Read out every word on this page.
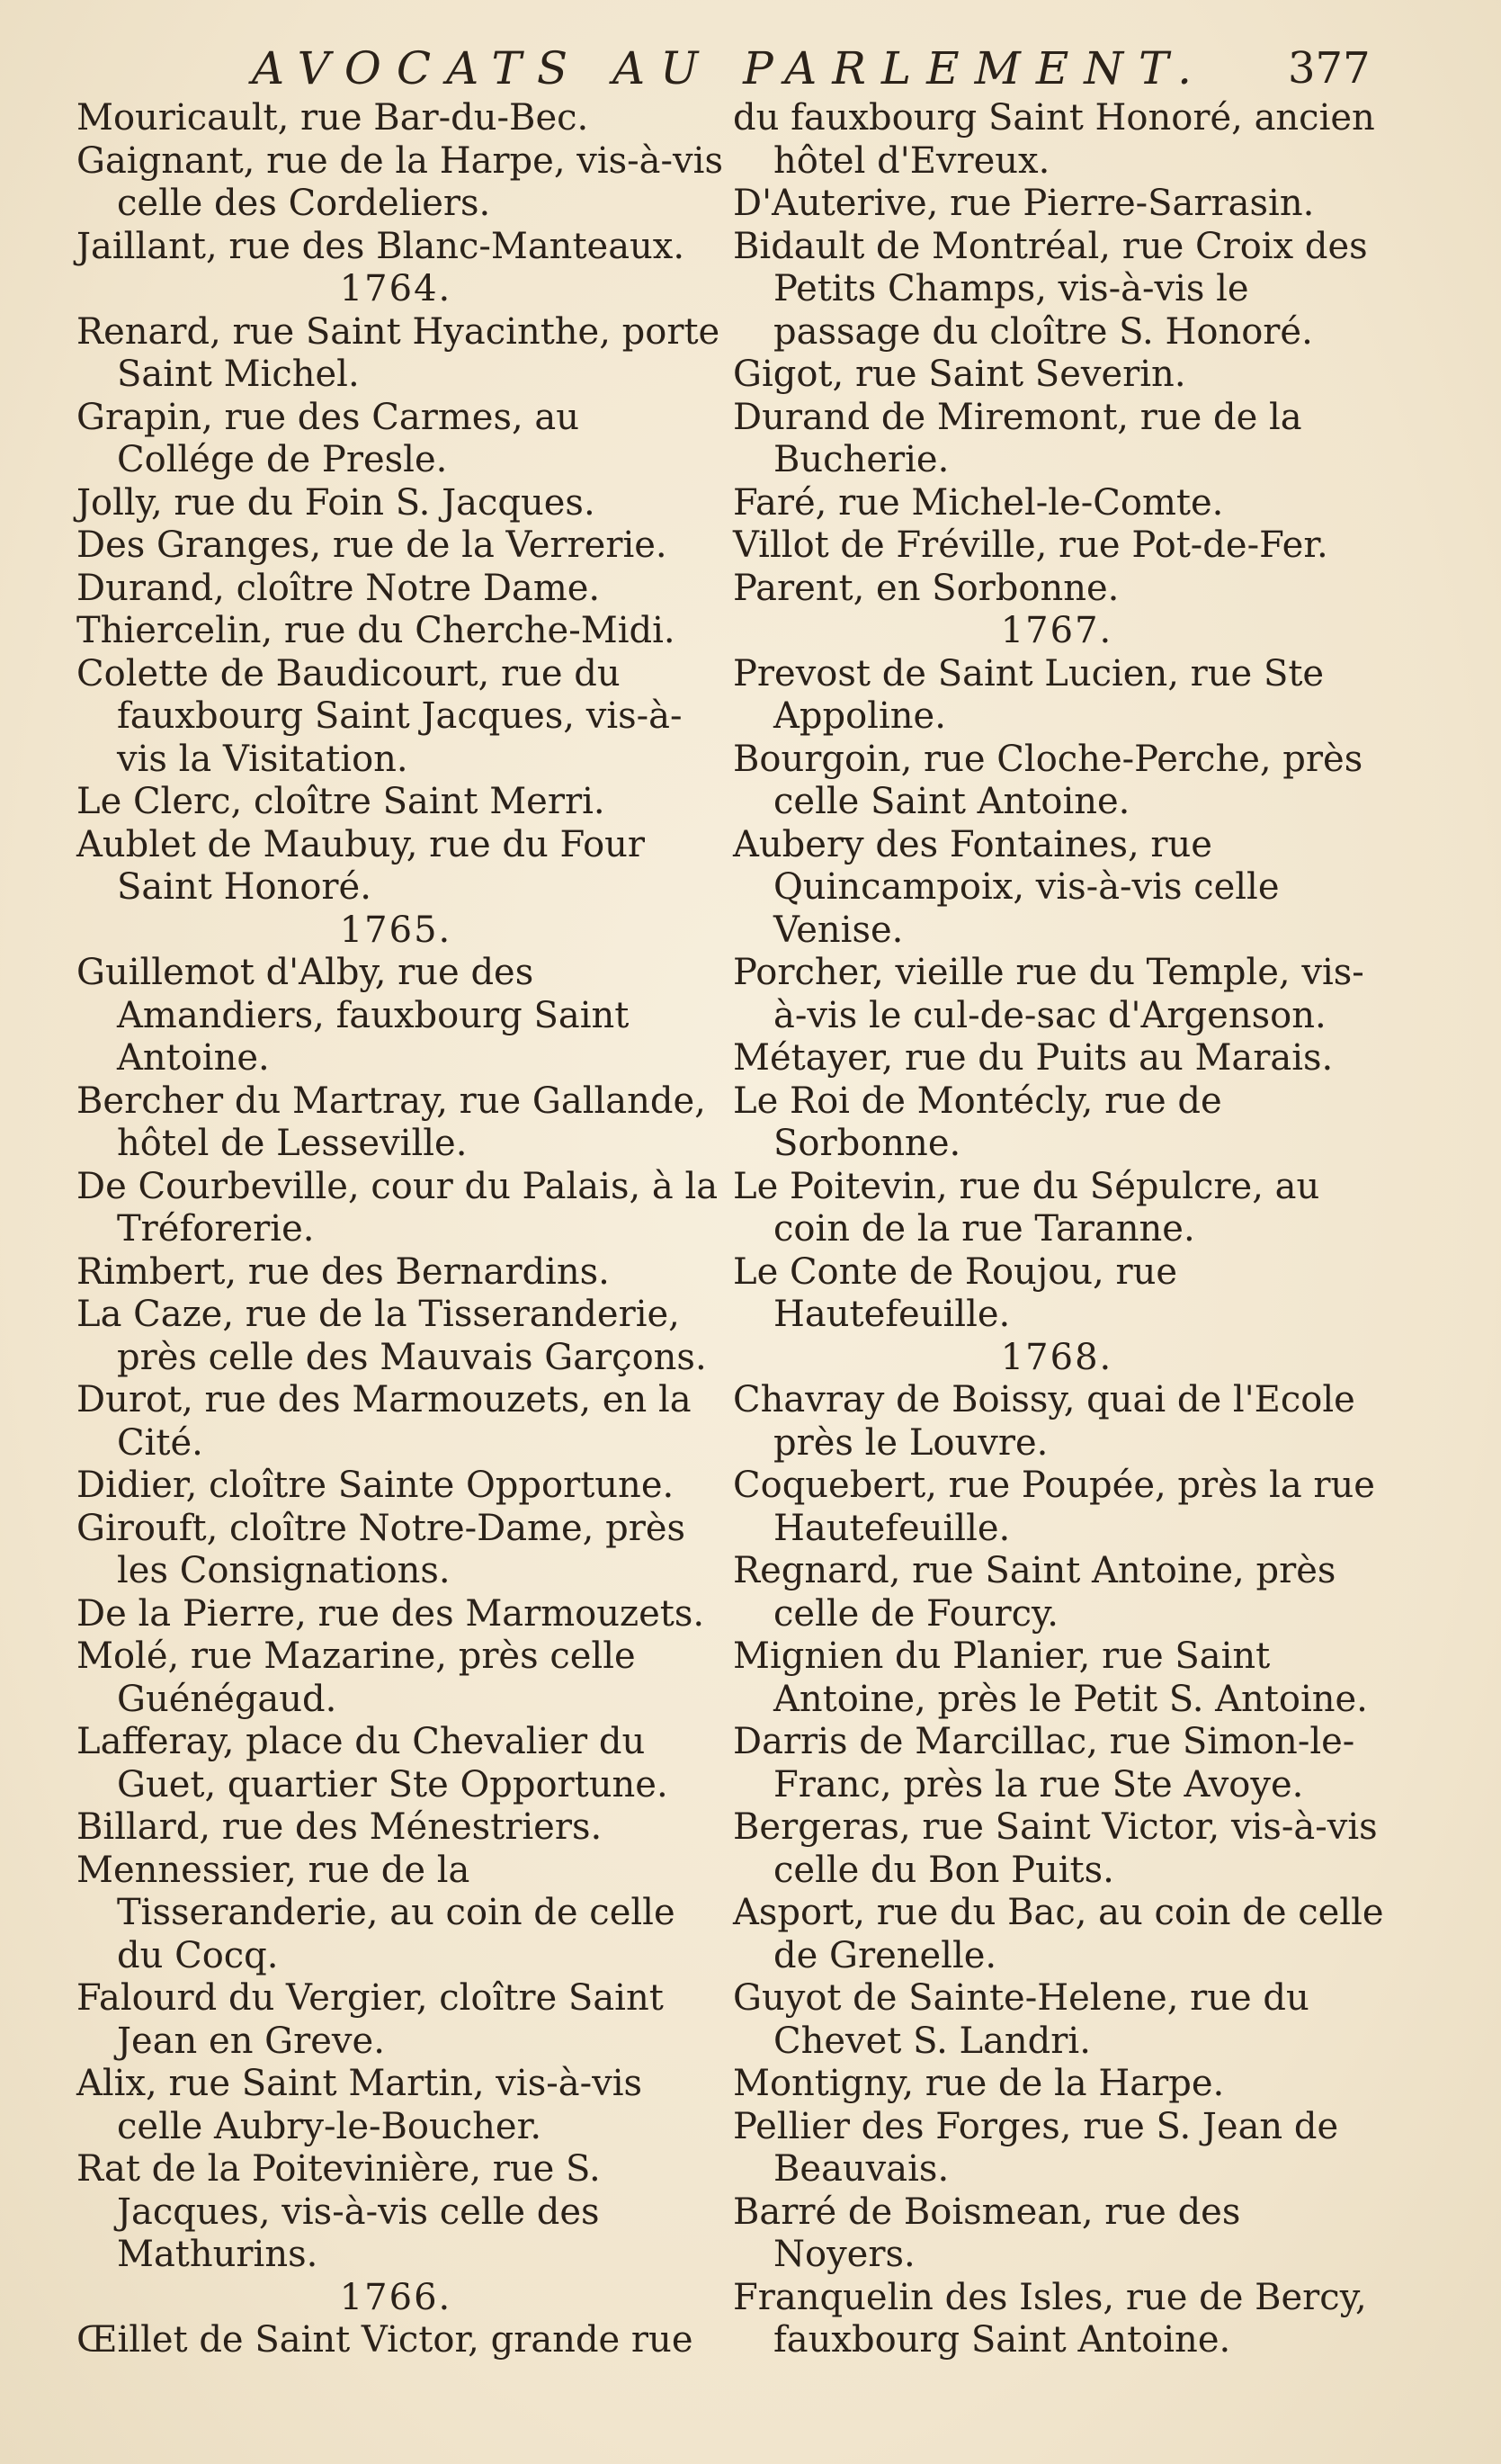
AVOCATS AU PARLEMENT. 377
Mouricault, rue Bar-du-Bec.
Gaignant, rue de la Harpe, vis-à-vis celle des Cordeliers.
Jaillant, rue des Blanc-Manteaux.
1764.
Renard, rue Saint Hyacinthe, porte Saint Michel.
Grapin, rue des Carmes, au Collége de Presle.
Jolly, rue du Foin S. Jacques.
Des Granges, rue de la Verrerie.
Durand, cloître Notre Dame.
Thiercelin, rue du Cherche-Midi.
Colette de Baudicourt, rue du fauxbourg Saint Jacques, vis-à-vis la Visitation.
Le Clerc, cloître Saint Merri.
Aublet de Maubuy, rue du Four Saint Honoré.
1765.
Guillemot d'Alby, rue des Amandiers, fauxbourg Saint Antoine.
Bercher du Martray, rue Gallande, hôtel de Lesseville.
De Courbeville, cour du Palais, à la Tréforerie.
Rimbert, rue des Bernardins.
La Caze, rue de la Tisseranderie, près celle des Mauvais Garçons.
Durot, rue des Marmouzets, en la Cité.
Didier, cloître Sainte Opportune.
Girouft, cloître Notre-Dame, près les Consignations.
De la Pierre, rue des Marmouzets.
Molé, rue Mazarine, près celle Guénégaud.
Lafferay, place du Chevalier du Guet, quartier Ste Opportune.
Billard, rue des Ménestriers.
Mennessier, rue de la Tisseranderie, au coin de celle du Cocq.
Falourd du Vergier, cloître Saint Jean en Greve.
Alix, rue Saint Martin, vis-à-vis celle Aubry-le-Boucher.
Rat de la Poitevinière, rue S. Jacques, vis-à-vis celle des Mathurins.
1766.
Œillet de Saint Victor, grande rue
du fauxbourg Saint Honoré, ancien hôtel d'Evreux.
D'Auterive, rue Pierre-Sarrasin.
Bidault de Montréal, rue Croix des Petits Champs, vis-à-vis le passage du cloître S. Honoré.
Gigot, rue Saint Severin.
Durand de Miremont, rue de la Bucherie.
Faré, rue Michel-le-Comte.
Villot de Fréville, rue Pot-de-Fer.
Parent, en Sorbonne.
1767.
Prevost de Saint Lucien, rue Ste Appoline.
Bourgoin, rue Cloche-Perche, près celle Saint Antoine.
Aubery des Fontaines, rue Quincampoix, vis-à-vis celle Venise.
Porcher, vieille rue du Temple, vis-à-vis le cul-de-sac d'Argenson.
Métayer, rue du Puits au Marais.
Le Roi de Montécly, rue de Sorbonne.
Le Poitevin, rue du Sépulcre, au coin de la rue Taranne.
Le Conte de Roujou, rue Hautefeuille.
1768.
Chavray de Boissy, quai de l'Ecole près le Louvre.
Coquebert, rue Poupée, près la rue Hautefeuille.
Regnard, rue Saint Antoine, près celle de Fourcy.
Mignien du Planier, rue Saint Antoine, près le Petit S. Antoine.
Darris de Marcillac, rue Simon-le-Franc, près la rue Ste Avoye.
Bergeras, rue Saint Victor, vis-à-vis celle du Bon Puits.
Asport, rue du Bac, au coin de celle de Grenelle.
Guyot de Sainte-Helene, rue du Chevet S. Landri.
Montigny, rue de la Harpe.
Pellier des Forges, rue S. Jean de Beauvais.
Barré de Boismean, rue des Noyers.
Franquelin des Isles, rue de Bercy, fauxbourg Saint Antoine.
